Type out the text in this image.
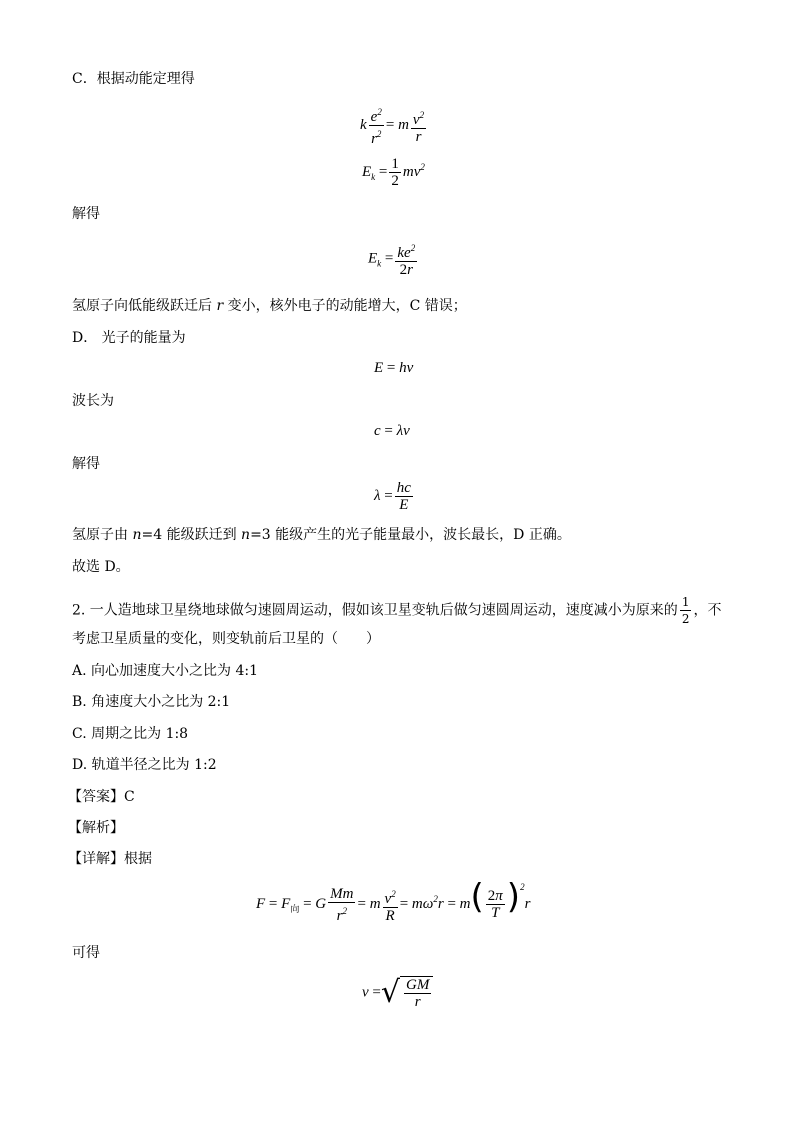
C．根据动能定理得
k $\frac{e^2}{r^2} = m \frac{v^2}{r}$
$E_k = \frac{1}{2} mv^2$
解得
$E_k = \frac{ke^2}{2r}$
氢原子向低能级跃迁后 r 变小，核外电子的动能增大，C 错误；
D． 光子的能量为
E = hν
波长为
c = λν
解得
$\lambda = \frac{hc}{E}$
氢原子由 n=4 能级跃迁到 n=3 能级产生的光子能量最小，波长最长，D 正确。
故选 D。
2. 一人造地球卫星绕地球做匀速圆周运动，假如该卫星变轨后做匀速圆周运动，速度减小为原来的 $\frac{1}{2}$ ，不
考虑卫星质量的变化，则变轨前后卫星的（　　）
A. 向心加速度大小之比为 4:1
B. 角速度大小之比为 2:1
C. 周期之比为 1:8
D. 轨道半径之比为 1:2
【答案】C
【解析】
【详解】根据
$F = F_向 = G \frac{Mm}{r^2} = m \frac{v^2}{R} = m\omega^2r = m( \frac{2\pi}{T} )^2r$
可得
v = √ $\frac{GM}{r}$
